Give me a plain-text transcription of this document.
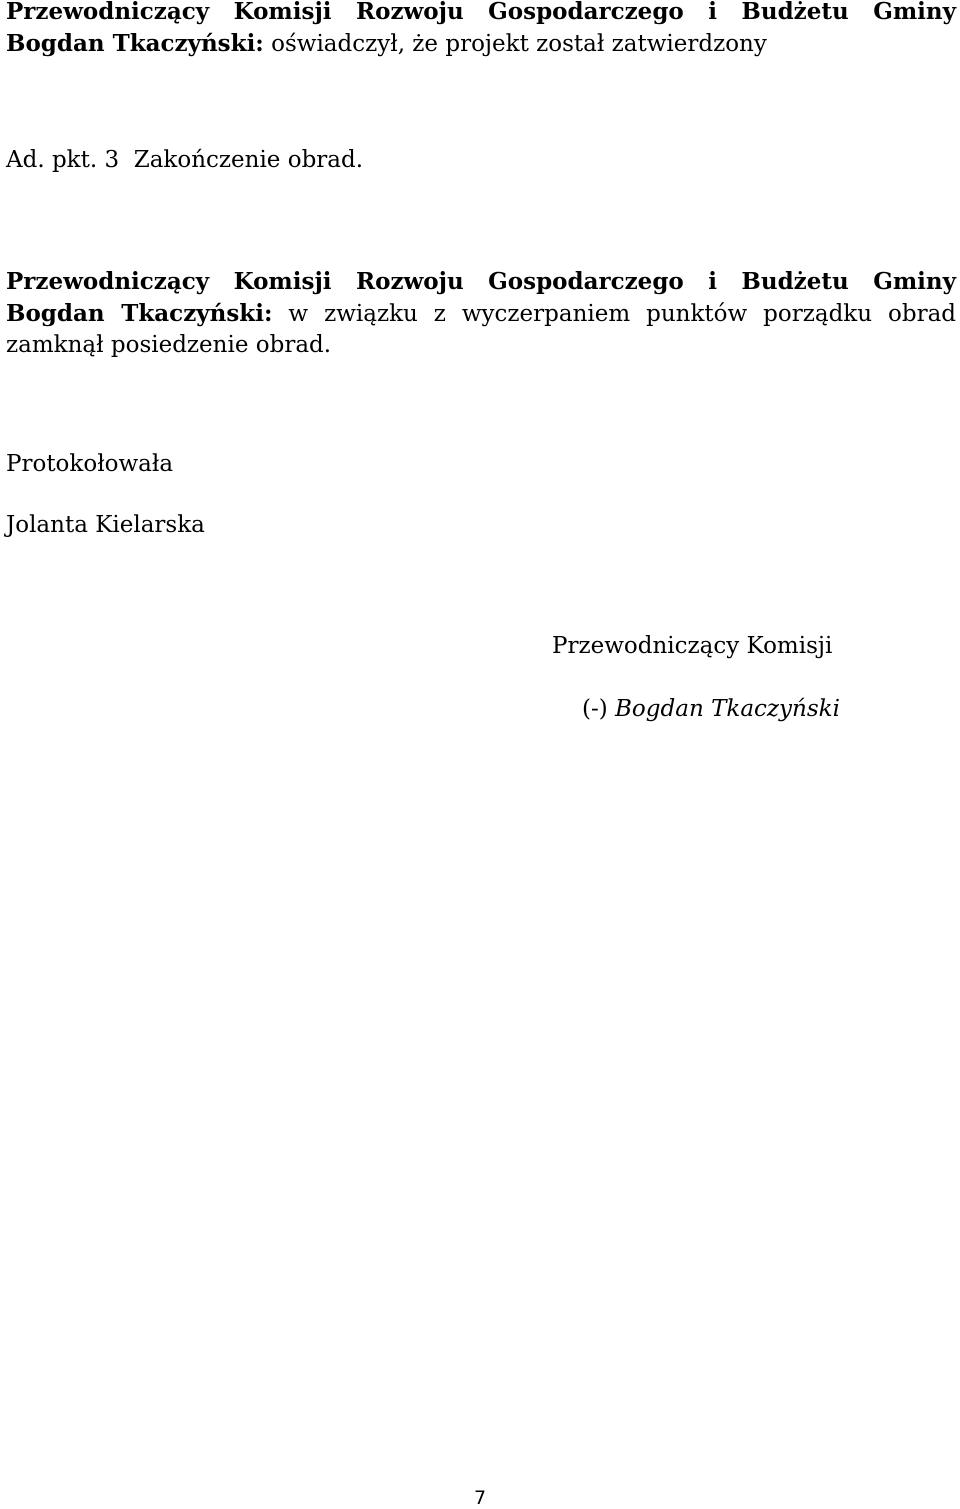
Przewodniczący Komisji Rozwoju Gospodarczego i Budżetu Gminy Bogdan Tkaczyński: oświadczył, że projekt został zatwierdzony

Ad. pkt. 3  Zakończenie obrad.

Przewodniczący Komisji Rozwoju Gospodarczego i Budżetu Gminy Bogdan Tkaczyński: w związku z wyczerpaniem punktów porządku obrad zamknął posiedzenie obrad.

Protokołowała

Jolanta Kielarska

Przewodniczący Komisji

(-) Bogdan Tkaczyński

7
